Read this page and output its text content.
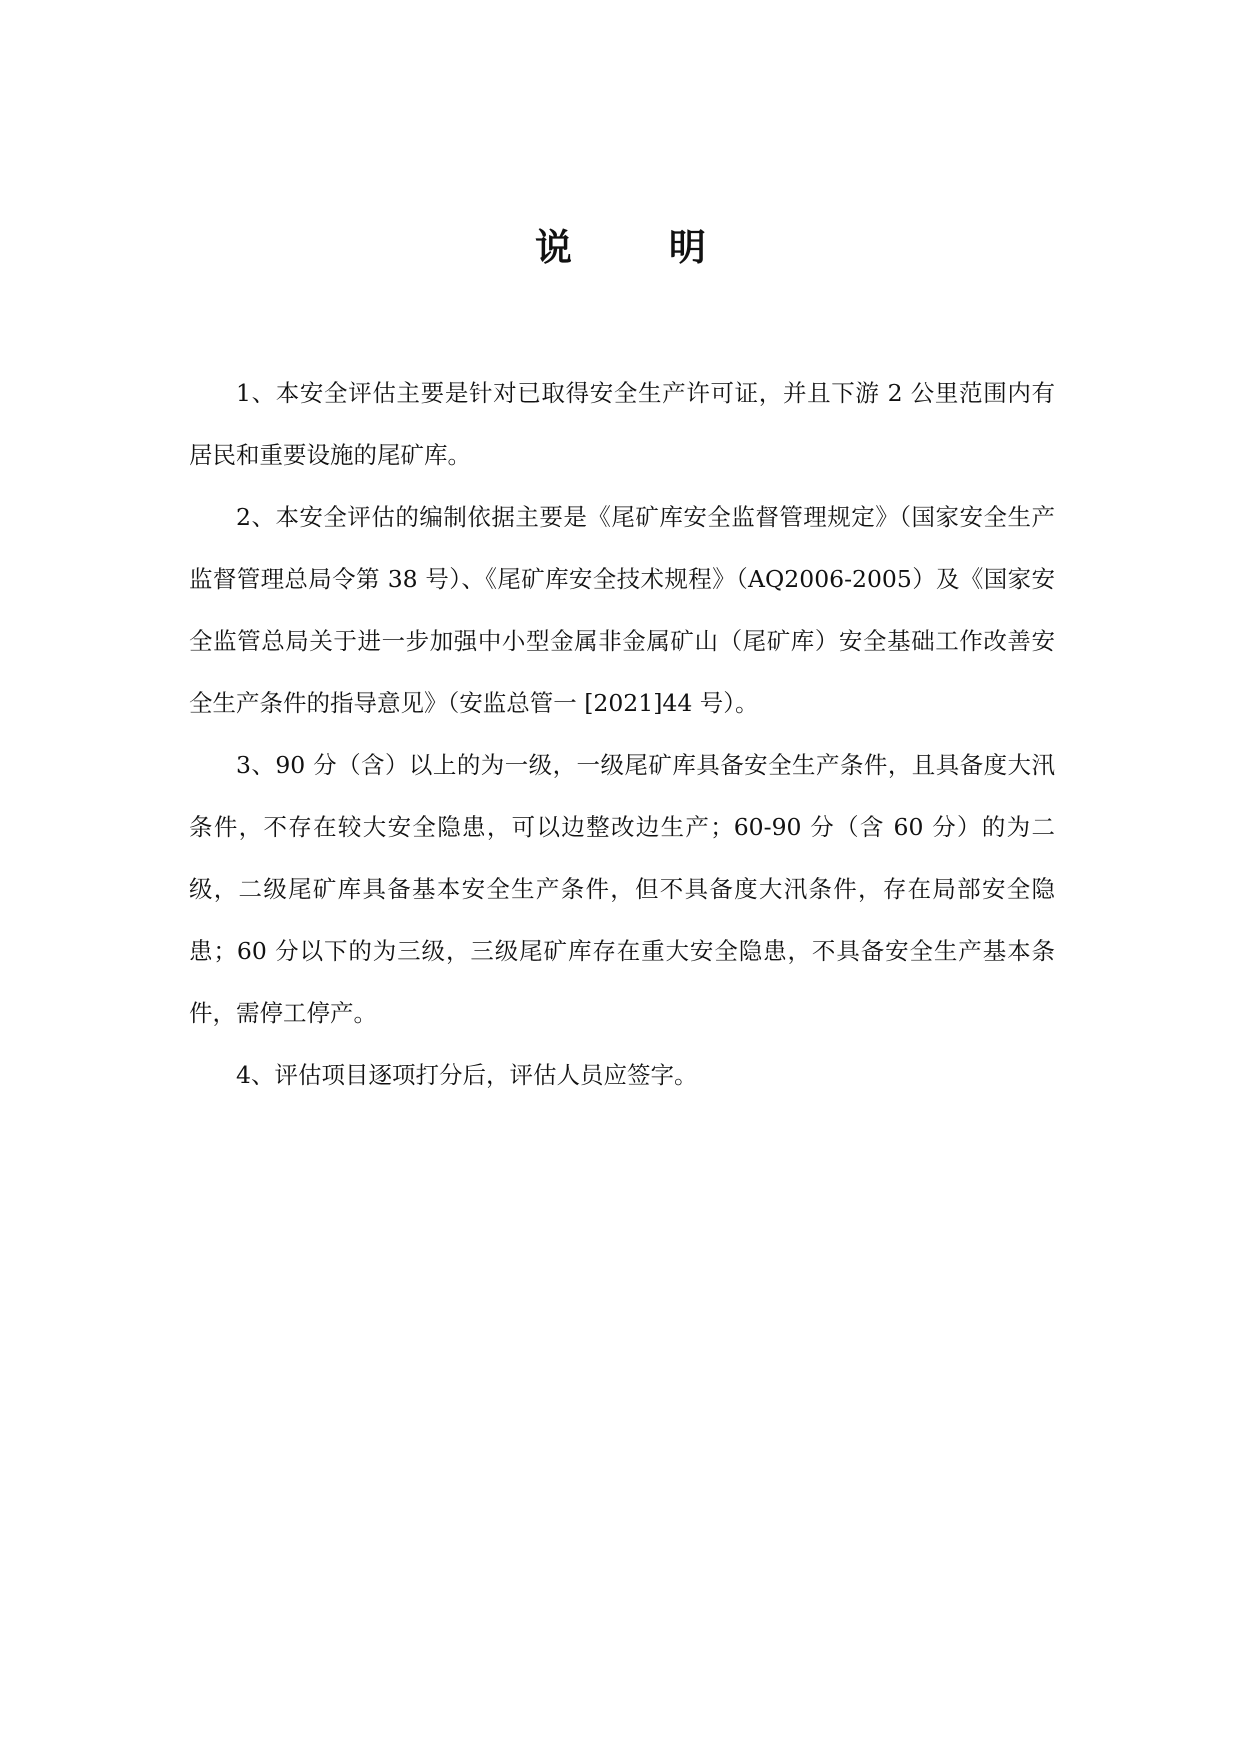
说 明

1、本安全评估主要是针对已取得安全生产许可证，并且下游 2 公里范围内有居民和重要设施的尾矿库。

2、本安全评估的编制依据主要是《尾矿库安全监督管理规定》（国家安全生产监督管理总局令第 38 号）、《尾矿库安全技术规程》（AQ2006-2005）及《国家安全监管总局关于进一步加强中小型金属非金属矿山（尾矿库）安全基础工作改善安全生产条件的指导意见》（安监总管一 [2021]44 号）。

3、90 分（含）以上的为一级，一级尾矿库具备安全生产条件，且具备度大汛条件，不存在较大安全隐患，可以边整改边生产；60-90 分（含 60 分）的为二级，二级尾矿库具备基本安全生产条件，但不具备度大汛条件，存在局部安全隐患；60 分以下的为三级，三级尾矿库存在重大安全隐患，不具备安全生产基本条件，需停工停产。

4、评估项目逐项打分后，评估人员应签字。
